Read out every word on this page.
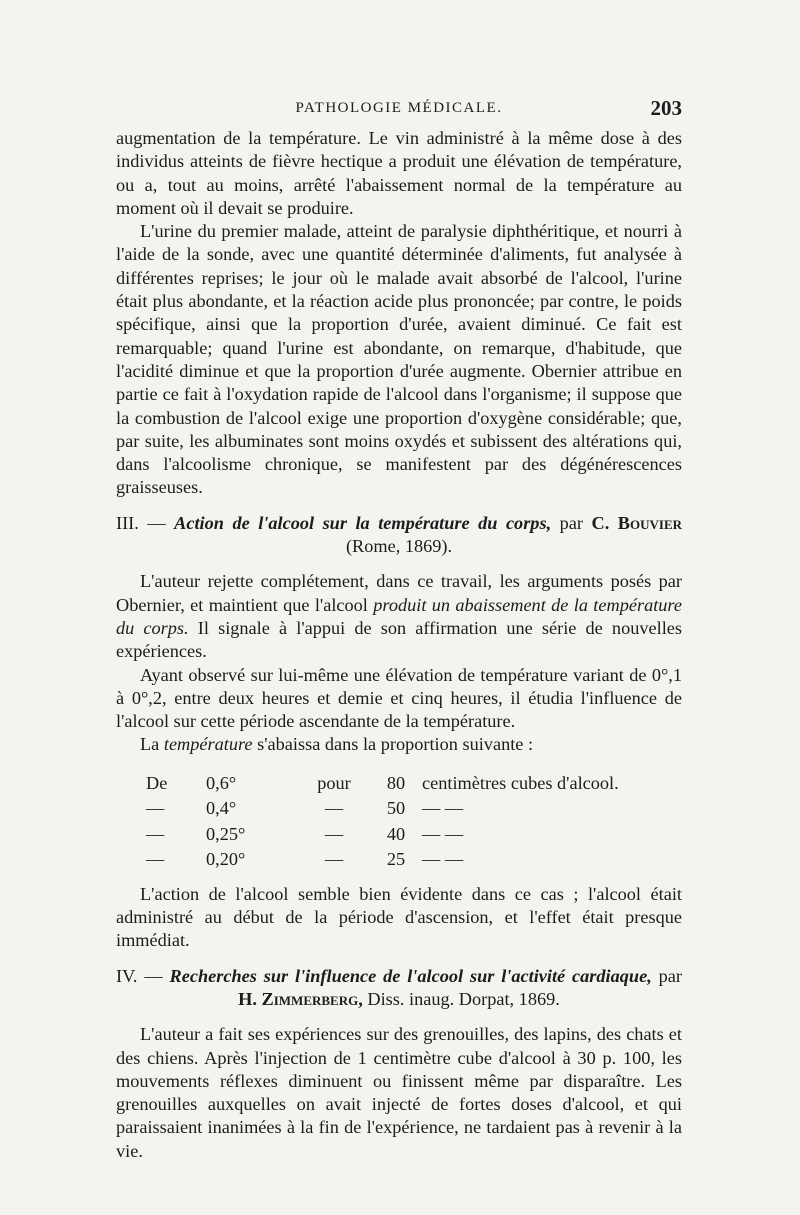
PATHOLOGIE MÉDICALE.	203

augmentation de la température. Le vin administré à la même dose à des individus atteints de fièvre hectique a produit une élévation de température, ou a, tout au moins, arrêté l'abaissement normal de la température au moment où il devait se produire.

L'urine du premier malade, atteint de paralysie diphthéritique, et nourri à l'aide de la sonde, avec une quantité déterminée d'aliments, fut analysée à différentes reprises; le jour où le malade avait absorbé de l'alcool, l'urine était plus abondante, et la réaction acide plus prononcée; par contre, le poids spécifique, ainsi que la proportion d'urée, avaient diminué. Ce fait est remarquable; quand l'urine est abondante, on remarque, d'habitude, que l'acidité diminue et que la proportion d'urée augmente. Obernier attribue en partie ce fait à l'oxydation rapide de l'alcool dans l'organisme; il suppose que la combustion de l'alcool exige une proportion d'oxygène considérable; que, par suite, les albuminates sont moins oxydés et subissent des altérations qui, dans l'alcoolisme chronique, se manifestent par des dégénérescences graisseuses.

III. — Action de l'alcool sur la température du corps, par C. Bouvier
(Rome, 1869).

L'auteur rejette complétement, dans ce travail, les arguments posés par Obernier, et maintient que l'alcool produit un abaissement de la température du corps. Il signale à l'appui de son affirmation une série de nouvelles expériences.

Ayant observé sur lui-même une élévation de température variant de 0°,1 à 0°,2, entre deux heures et demie et cinq heures, il étudia l'influence de l'alcool sur cette période ascendante de la température.

La température s'abaissa dans la proportion suivante :

De	0,6°	pour	80	centimètres cubes d'alcool.
—	0,4°	—	50	— —
—	0,25°	—	40	— —
—	0,20°	—	25	— —

L'action de l'alcool semble bien évidente dans ce cas ; l'alcool était administré au début de la période d'ascension, et l'effet était presque immédiat.

IV. — Recherches sur l'influence de l'alcool sur l'activité cardiaque, par
H. Zimmerberg, Diss. inaug. Dorpat, 1869.

L'auteur a fait ses expériences sur des grenouilles, des lapins, des chats et des chiens. Après l'injection de 1 centimètre cube d'alcool à 30 p. 100, les mouvements réflexes diminuent ou finissent même par disparaître. Les grenouilles auxquelles on avait injecté de fortes doses d'alcool, et qui paraissaient inanimées à la fin de l'expérience, ne tardaient pas à revenir à la vie.
